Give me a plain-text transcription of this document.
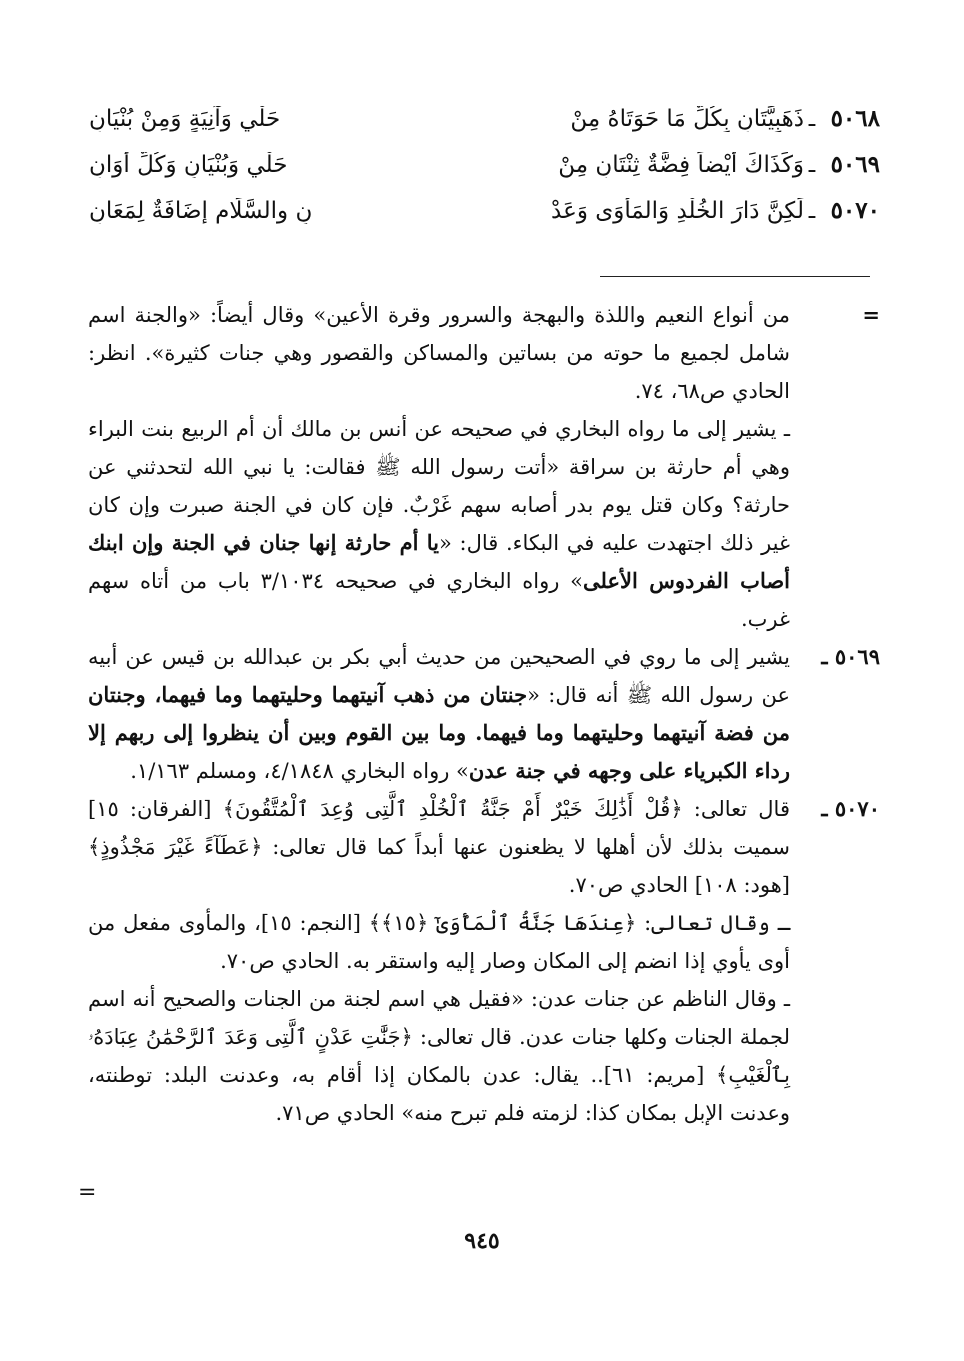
٥٠٦٨
ـ
ذَهَبِيَّتَانِ بِكُلِّ مَا حَوَتَاهُ مِنْ
حَلْيٍ وَآنِيَةٍ وَمِنْ بُنْيَانِ
٥٠٦٩
ـ
وَكَذَاكَ أَيْضاً فِضَّةٌ ثِنْتَانِ مِنْ
حَلْيٍ وَبُنْيَانٍ وَكُلِّ أَوَانِ
٥٠٧٠
ـ
لَكِنَّ دَارَ الخُلْدِ وَالمَأْوَى وَعَدْ
نٍ والسَّلَامِ إِضَافَةٌ لِمَعَانِ
=

من أنواع النعيم واللذة والبهجة والسرور وقرة الأعين» وقال أيضاً: «والجنة اسم شامل لجميع ما حوته من بساتين والمساكن والقصور وهي جنات كثيرة». انظر: الحادي ص٦٨، ٧٤.

ـ يشير إلى ما رواه البخاري في صحيحه عن أنس بن مالك أن أم الربيع بنت البراء وهي أم حارثة بن سراقة «أتت رسول الله ﷺ فقالت: يا نبي الله لتحدثني عن حارثة؟ وكان قتل يوم بدر أصابه سهم غَرْبٌ. فإن كان في الجنة صبرت وإن كان غير ذلك اجتهدت عليه في البكاء. قال: «يا أم حارثة إنها جنان في الجنة وإن ابنك أصاب الفردوس الأعلى» رواه البخاري في صحيحه ٣/١٠٣٤ باب من أتاه سهم غرب.

٥٠٦٩ ـ

يشير إلى ما روي في الصحيحين من حديث أبي بكر بن عبدالله بن قيس عن أبيه عن رسول الله ﷺ أنه قال: «جنتان من ذهب آنيتهما وحليتهما وما فيهما، وجنتان من فضة آنيتهما وحليتهما وما فيهما. وما بين القوم وبين أن ينظروا إلى ربهم إلا رداء الكبرياء على وجهه في جنة عدن» رواه البخاري ٤/١٨٤٨، ومسلم ١/١٦٣.

٥٠٧٠ ـ

قال تعالى: ﴿قُلْ أَذَٰلِكَ خَيْرٌ أَمْ جَنَّةُ ٱلْخُلْدِ ٱلَّتِى وُعِدَ ٱلْمُتَّقُونَ﴾ [الفرقان: ١٥] سميت بذلك لأن أهلها لا يظعنون عنها أبداً كما قال تعالى: ﴿عَطَآءً غَيْرَ مَجْذُوذٍ﴾ [هود: ١٠٨] الحادي ص٧٠.

ـ وقال تعالى: ﴿عِندَهَا جَنَّةُ ٱلْمَأْوَىٰٓ ﴿١٥﴾﴾ [النجم: ١٥]، والمأوى مفعل من أوى يأوي إذا انضم إلى المكان وصار إليه واستقر به. الحادي ص٧٠.

ـ وقال الناظم عن جنات عدن: «فقيل هي اسم لجنة من الجنات والصحيح أنه اسم لجملة الجنات وكلها جنات عدن. قال تعالى: ﴿جَنَّٰتِ عَدْنٍ ٱلَّتِى وَعَدَ ٱلرَّحْمَٰنُ عِبَادَهُۥ بِٱلْغَيْبِ﴾ [مريم: ٦١].. يقال: عدن بالمكان إذا أقام به، وعدنت البلد: توطنته، وعدنت الإبل بمكان كذا: لزمته فلم تبرح منه» الحادي ص٧١.

=
٩٤٥
